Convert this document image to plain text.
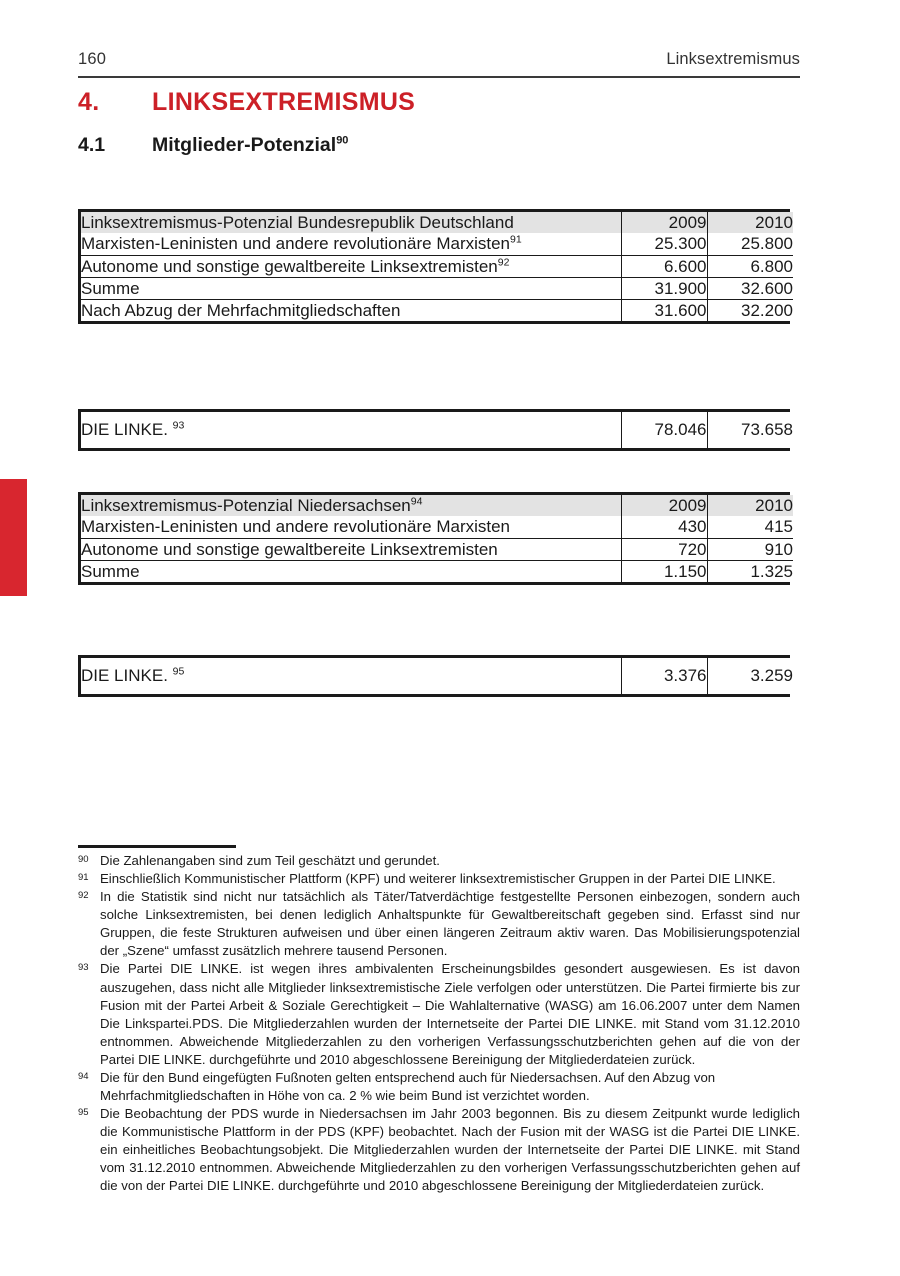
160	Linksextremismus
4.	LINKSEXTREMISMUS
4.1	Mitglieder-Potenzial$^{90}$
Linksextremismus-Potenzial Bundesrepublik Deutschland	2009	2010
Marxisten-Leninisten und andere revolutionäre Marxisten$^{91}$	25.300	25.800
Autonome und sonstige gewaltbereite Linksextremisten$^{92}$	6.600	6.800
Summe	31.900	32.600
Nach Abzug der Mehrfachmitgliedschaften	31.600	32.200
DIE LINKE. $^{93}$	78.046	73.658
Linksextremismus-Potenzial Niedersachsen$^{94}$	2009	2010
Marxisten-Leninisten und andere revolutionäre Marxisten	430	415
Autonome und sonstige gewaltbereite Linksextremisten	720	910
Summe	1.150	1.325
DIE LINKE. $^{95}$	3.376	3.259
90 Die Zahlenangaben sind zum Teil geschätzt und gerundet.
91 Einschließlich Kommunistischer Plattform (KPF) und weiterer linksextremistischer Gruppen in der Partei DIE LINKE.
92 In die Statistik sind nicht nur tatsächlich als Täter/Tatverdächtige festgestellte Personen einbezogen, sondern auch solche Linksextremisten, bei denen lediglich Anhaltspunkte für Gewaltbereitschaft gegeben sind. Erfasst sind nur Gruppen, die feste Strukturen aufweisen und über einen längeren Zeitraum aktiv waren. Das Mobilisierungspotenzial der „Szene“ umfasst zusätzlich mehrere tausend Personen.
93 Die Partei DIE LINKE. ist wegen ihres ambivalenten Erscheinungsbildes gesondert ausgewiesen. Es ist davon auszugehen, dass nicht alle Mitglieder linksextremistische Ziele verfolgen oder unterstützen. Die Partei firmierte bis zur Fusion mit der Partei Arbeit & Soziale Gerechtigkeit – Die Wahlalternative (WASG) am 16.06.2007 unter dem Namen Die Linkspartei.PDS. Die Mitgliederzahlen wurden der Internetseite der Partei DIE LINKE. mit Stand vom 31.12.2010 entnommen. Abweichende Mitgliederzahlen zu den vorherigen Verfassungsschutzberichten gehen auf die von der Partei DIE LINKE. durchgeführte und 2010 abgeschlossene Bereinigung der Mitgliederdateien zurück.
94 Die für den Bund eingefügten Fußnoten gelten entsprechend auch für Niedersachsen. Auf den Abzug von Mehrfachmitgliedschaften in Höhe von ca. 2 % wie beim Bund ist verzichtet worden.
95 Die Beobachtung der PDS wurde in Niedersachsen im Jahr 2003 begonnen. Bis zu diesem Zeitpunkt wurde lediglich die Kommunistische Plattform in der PDS (KPF) beobachtet. Nach der Fusion mit der WASG ist die Partei DIE LINKE. ein einheitliches Beobachtungsobjekt. Die Mitgliederzahlen wurden der Internetseite der Partei DIE LINKE. mit Stand vom 31.12.2010 entnommen. Abweichende Mitgliederzahlen zu den vorherigen Verfassungsschutzberichten gehen auf die von der Partei DIE LINKE. durchgeführte und 2010 abgeschlossene Bereinigung der Mitgliederdateien zurück.
